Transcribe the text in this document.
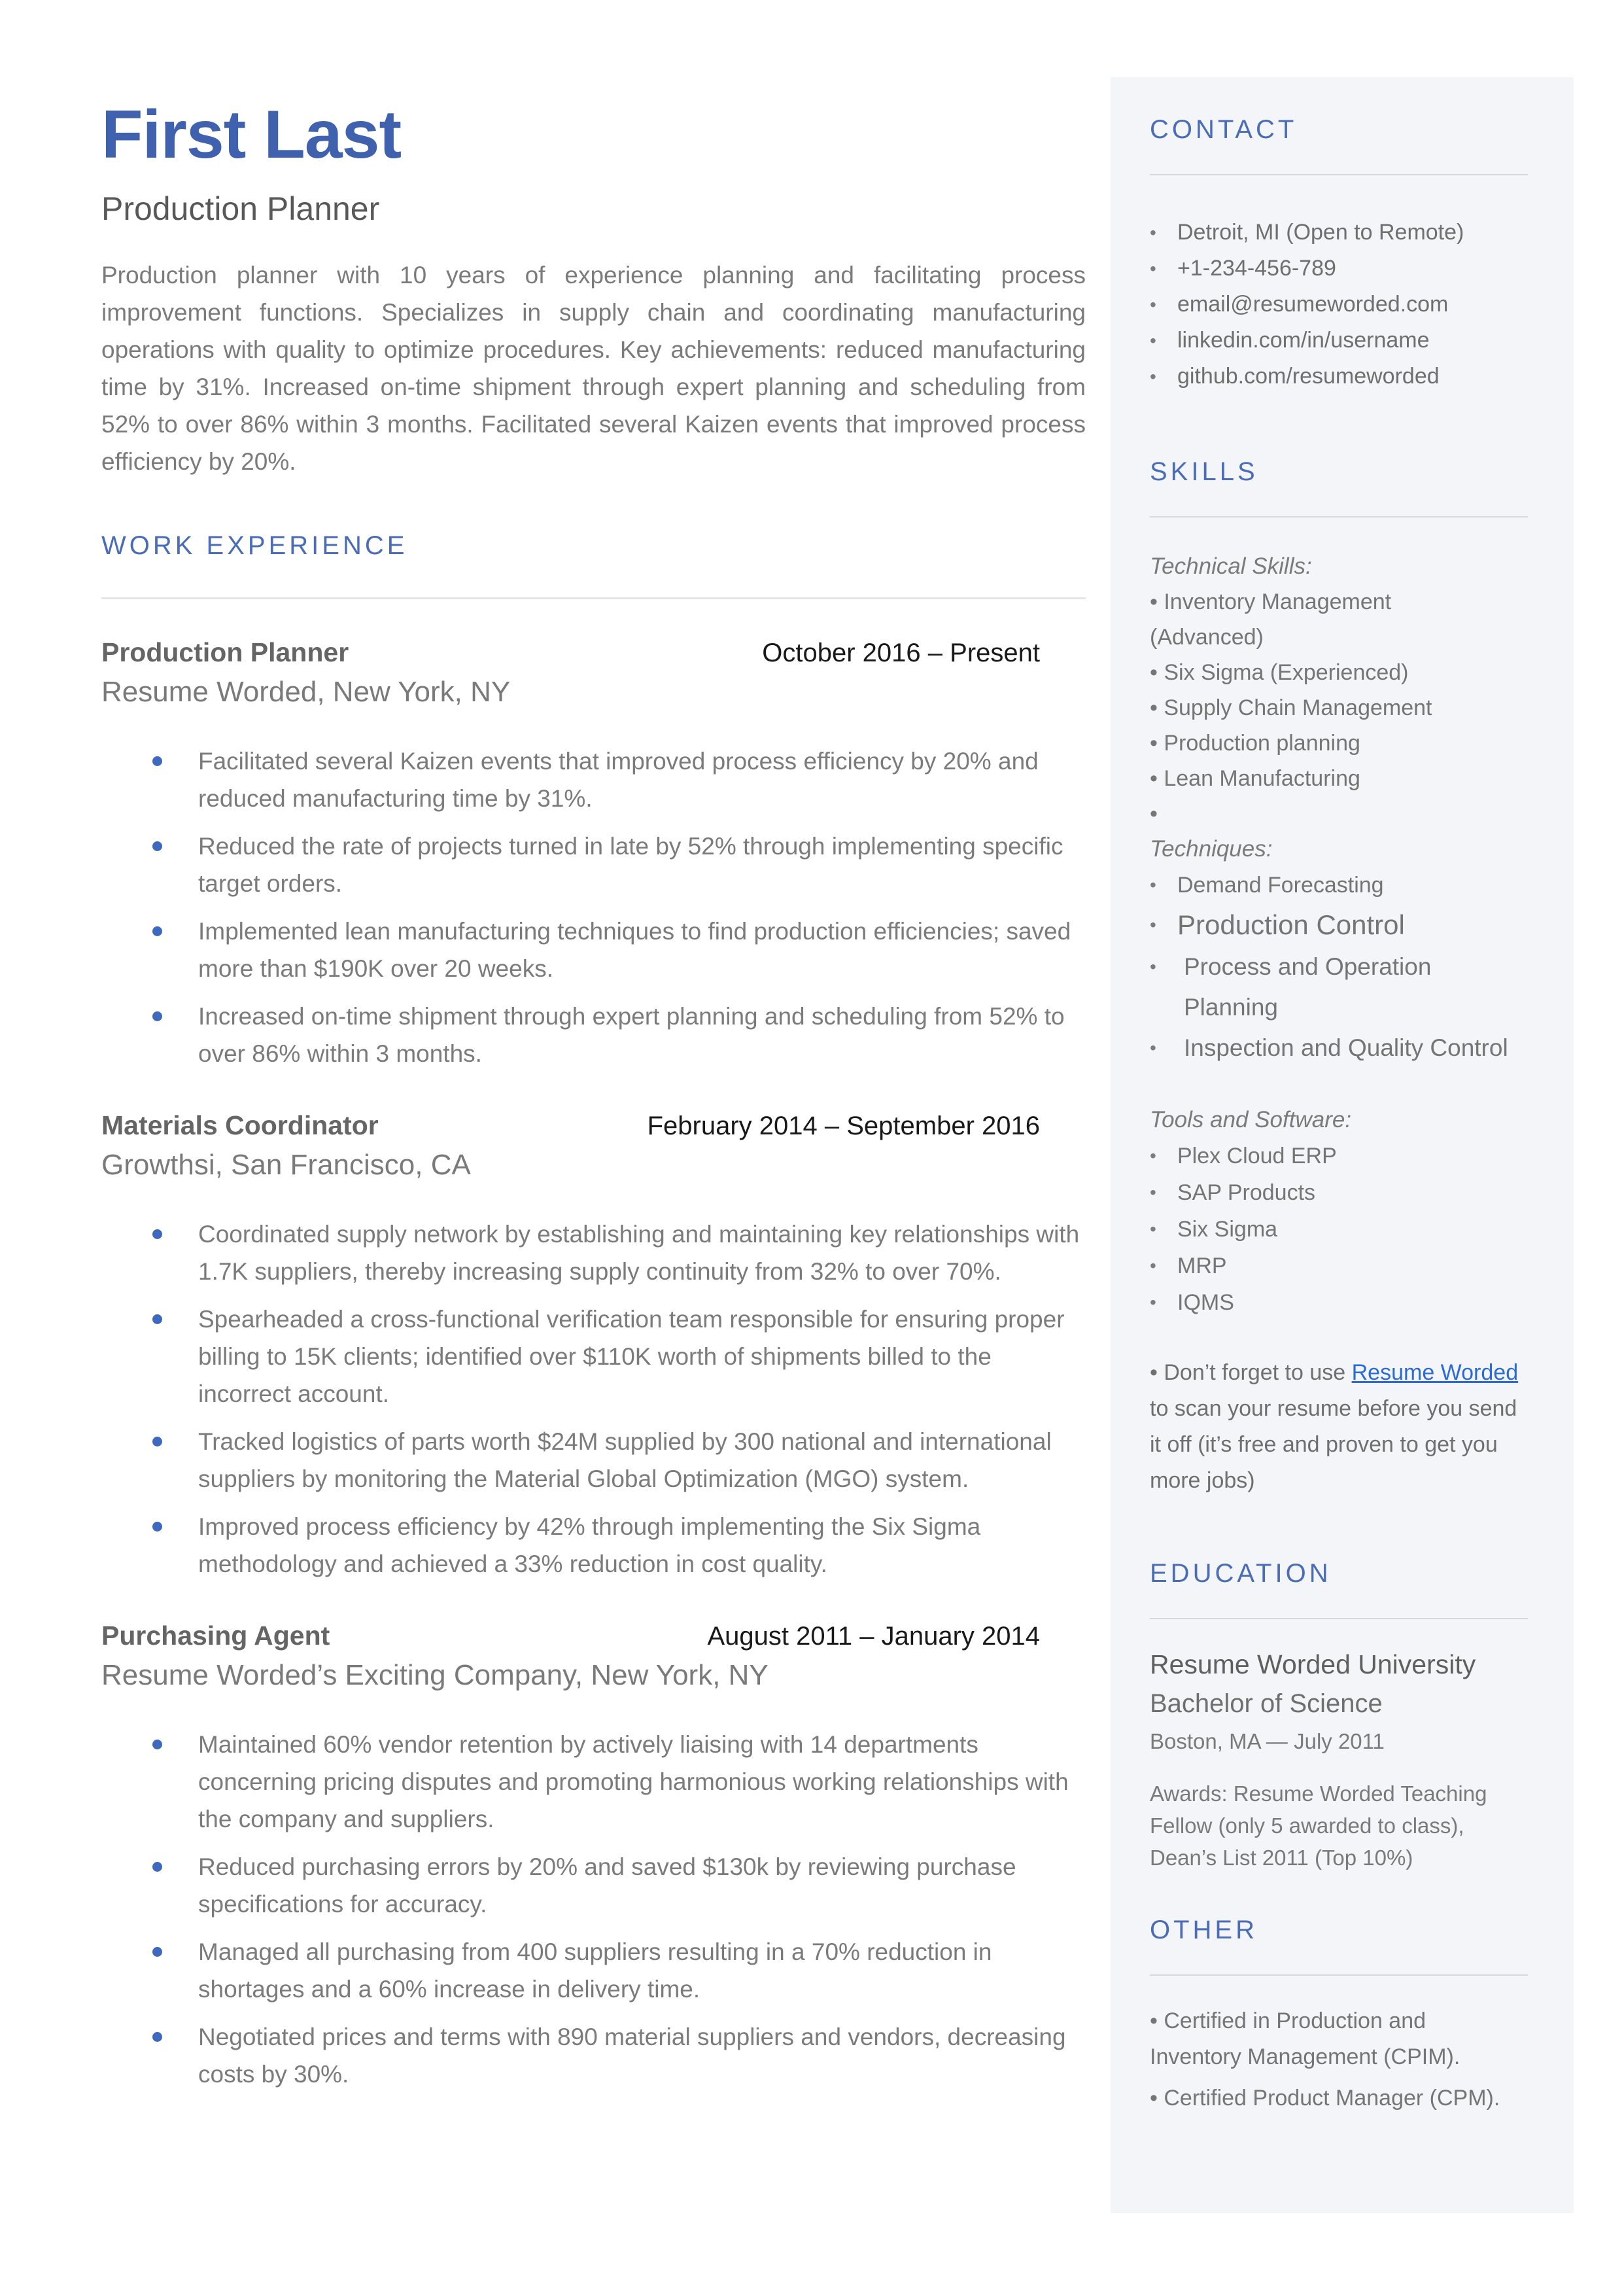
First Last
Production Planner

Production planner with 10 years of experience planning and facilitating process improvement functions. Specializes in supply chain and coordinating manufacturing operations with quality to optimize procedures. Key achievements: reduced manufacturing time by 31%. Increased on-time shipment through expert planning and scheduling from 52% to over 86% within 3 months. Facilitated several Kaizen events that improved process efficiency by 20%.

WORK EXPERIENCE
Production Planner	October 2016 – Present
Resume Worded, New York, NY
Facilitated several Kaizen events that improved process efficiency by 20% and reduced manufacturing time by 31%.
Reduced the rate of projects turned in late by 52% through implementing specific target orders.
Implemented lean manufacturing techniques to find production efficiencies; saved more than $190K over 20 weeks.
Increased on-time shipment through expert planning and scheduling from 52% to over 86% within 3 months.
Materials Coordinator	February 2014 – September 2016
Growthsi, San Francisco, CA
Coordinated supply network by establishing and maintaining key relationships with 1.7K suppliers, thereby increasing supply continuity from 32% to over 70%.
Spearheaded a cross-functional verification team responsible for ensuring proper billing to 15K clients; identified over $110K worth of shipments billed to the incorrect account.
Tracked logistics of parts worth $24M supplied by 300 national and international suppliers by monitoring the Material Global Optimization (MGO) system.
Improved process efficiency by 42% through implementing the Six Sigma methodology and achieved a 33% reduction in cost quality.
Purchasing Agent	August 2011 – January 2014
Resume Worded’s Exciting Company, New York, NY
Maintained 60% vendor retention by actively liaising with 14 departments concerning pricing disputes and promoting harmonious working relationships with the company and suppliers.
Reduced purchasing errors by 20% and saved $130k by reviewing purchase specifications for accuracy.
Managed all purchasing from 400 suppliers resulting in a 70% reduction in shortages and a 60% increase in delivery time.
Negotiated prices and terms with 890 material suppliers and vendors, decreasing costs by 30%.
CONTACT
• Detroit, MI (Open to Remote)
• +1-234-456-789
• email@resumeworded.com
• linkedin.com/in/username
• github.com/resumeworded
SKILLS
Technical Skills:
• Inventory Management (Advanced)
• Six Sigma (Experienced)
• Supply Chain Management
• Production planning
• Lean Manufacturing
•
Techniques:
• Demand Forecasting
• Production Control
•	Process and Operation Planning
•	Inspection and Quality Control
Tools and Software:
• Plex Cloud ERP
• SAP Products
• Six Sigma
• MRP
• IQMS

• Don’t forget to use Resume Worded to scan your resume before you send it off (it’s free and proven to get you more jobs)

EDUCATION
Resume Worded University
Bachelor of Science
Boston, MA — July 2011
Awards: Resume Worded Teaching Fellow (only 5 awarded to class), Dean’s List 2011 (Top 10%)
OTHER
• Certified in Production and Inventory Management (CPIM).
• Certified Product Manager (CPM).
